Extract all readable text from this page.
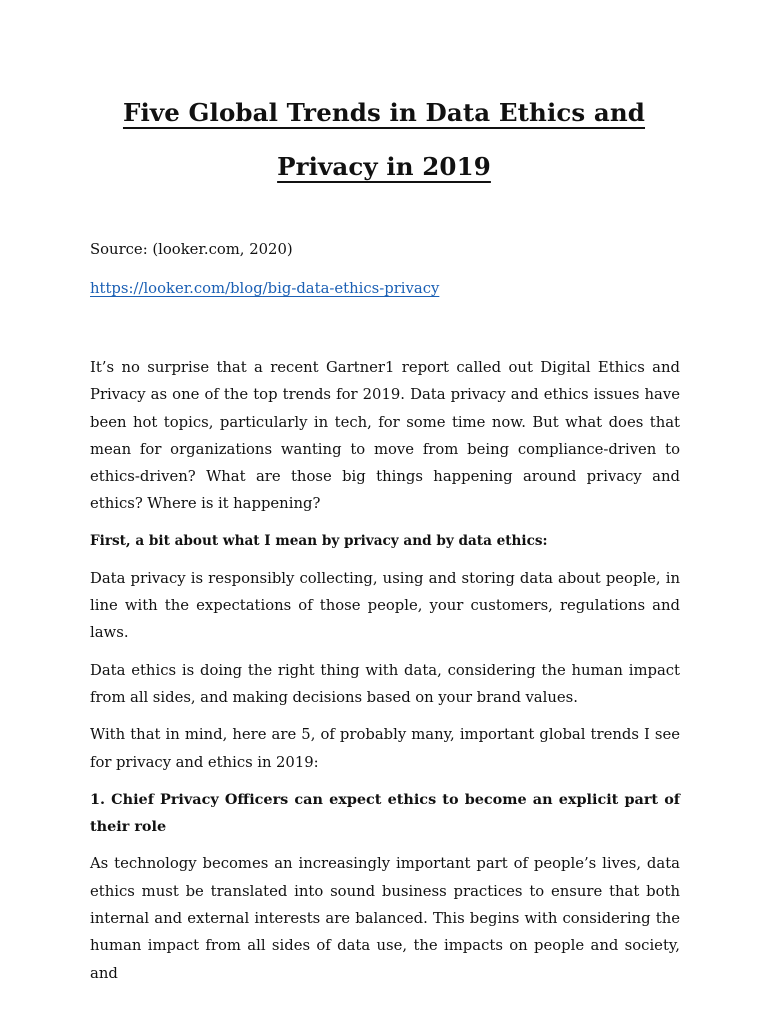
Five Global Trends in Data Ethics and
Privacy in 2019

Source: (looker.com, 2020)

https://looker.com/blog/big-data-ethics-privacy

It’s no surprise that a recent Gartner1 report called out Digital Ethics and Privacy as one of the top trends for 2019. Data privacy and ethics issues have been hot topics, particularly in tech, for some time now. But what does that mean for organizations wanting to move from being compliance-driven to ethics-driven? What are those big things happening around privacy and ethics? Where is it happening?

First, a bit about what I mean by privacy and by data ethics:

Data privacy is responsibly collecting, using and storing data about people, in line with the expectations of those people, your customers, regulations and laws.

Data ethics is doing the right thing with data, considering the human impact from all sides, and making decisions based on your brand values.

With that in mind, here are 5, of probably many, important global trends I see for privacy and ethics in 2019:

1. Chief Privacy Officers can expect ethics to become an explicit part of their role

As technology becomes an increasingly important part of people’s lives, data ethics must be translated into sound business practices to ensure that both internal and external interests are balanced. This begins with considering the human impact from all sides of data use, the impacts on people and society, and
